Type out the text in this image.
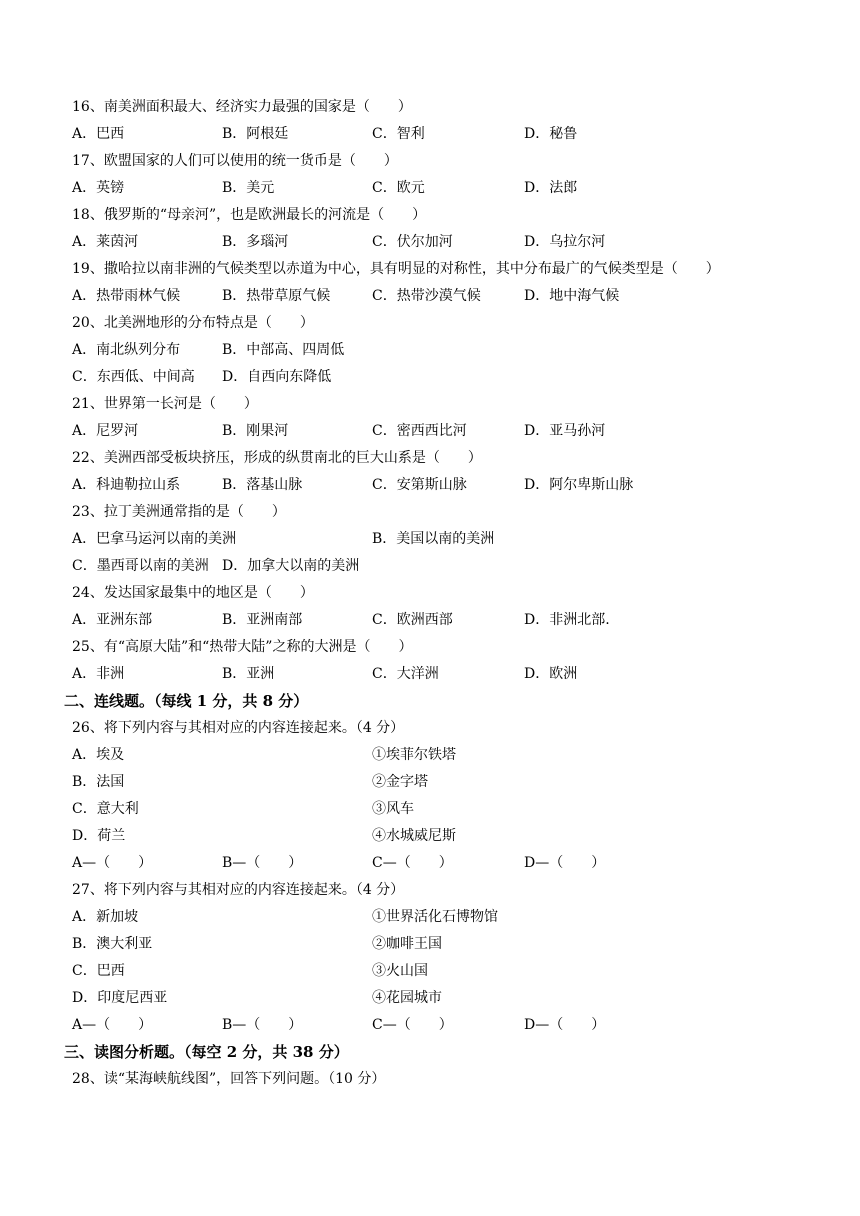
16、南美洲面积最大、经济实力最强的国家是（　　）
A．巴西	B．阿根廷	C．智利	D．秘鲁
17、欧盟国家的人们可以使用的统一货币是（　　）
A．英镑	B．美元	C．欧元	D．法郎
18、俄罗斯的“母亲河”，也是欧洲最长的河流是（　　）
A．莱茵河	B．多瑙河	C．伏尔加河	D．乌拉尔河
19、撒哈拉以南非洲的气候类型以赤道为中心，具有明显的对称性，其中分布最广的气候类型是（　　）
A．热带雨林气候	B．热带草原气候	C．热带沙漠气候	D．地中海气候
20、北美洲地形的分布特点是（　　）
A．南北纵列分布	B．中部高、四周低
C．东西低、中间高 D．自西向东降低
21、世界第一长河是（　　）
A．尼罗河	B．刚果河	C．密西西比河	D．亚马孙河
22、美洲西部受板块挤压，形成的纵贯南北的巨大山系是（　　）
A．科迪勒拉山系	B．落基山脉	C．安第斯山脉	D．阿尔卑斯山脉
23、拉丁美洲通常指的是（　　）
A．巴拿马运河以南的美洲	B．美国以南的美洲
C．墨西哥以南的美洲 D．加拿大以南的美洲
24、发达国家最集中的地区是（　　）
A．亚洲东部	B．亚洲南部	C．欧洲西部	D．非洲北部.
25、有“高原大陆”和“热带大陆”之称的大洲是（　　）
A．非洲	B．亚洲	C．大洋洲	D．欧洲
二、连线题。（每线 1 分，共 8 分）
26、将下列内容与其相对应的内容连接起来。（4 分）
A．埃及	①埃菲尔铁塔
B．法国	②金字塔
C．意大利	③风车
D．荷兰	④水城威尼斯
A—（　　）	B—（　　）	C—（　　）	D—（　　）
27、将下列内容与其相对应的内容连接起来。（4 分）
A．新加坡	①世界活化石博物馆
B．澳大利亚	②咖啡王国
C．巴西	③火山国
D．印度尼西亚	④花园城市
A—（　　）	B—（　　）	C—（　　）	D—（　　）
三、读图分析题。（每空 2 分，共 38 分）
28、读“某海峡航线图”，回答下列问题。（10 分）
